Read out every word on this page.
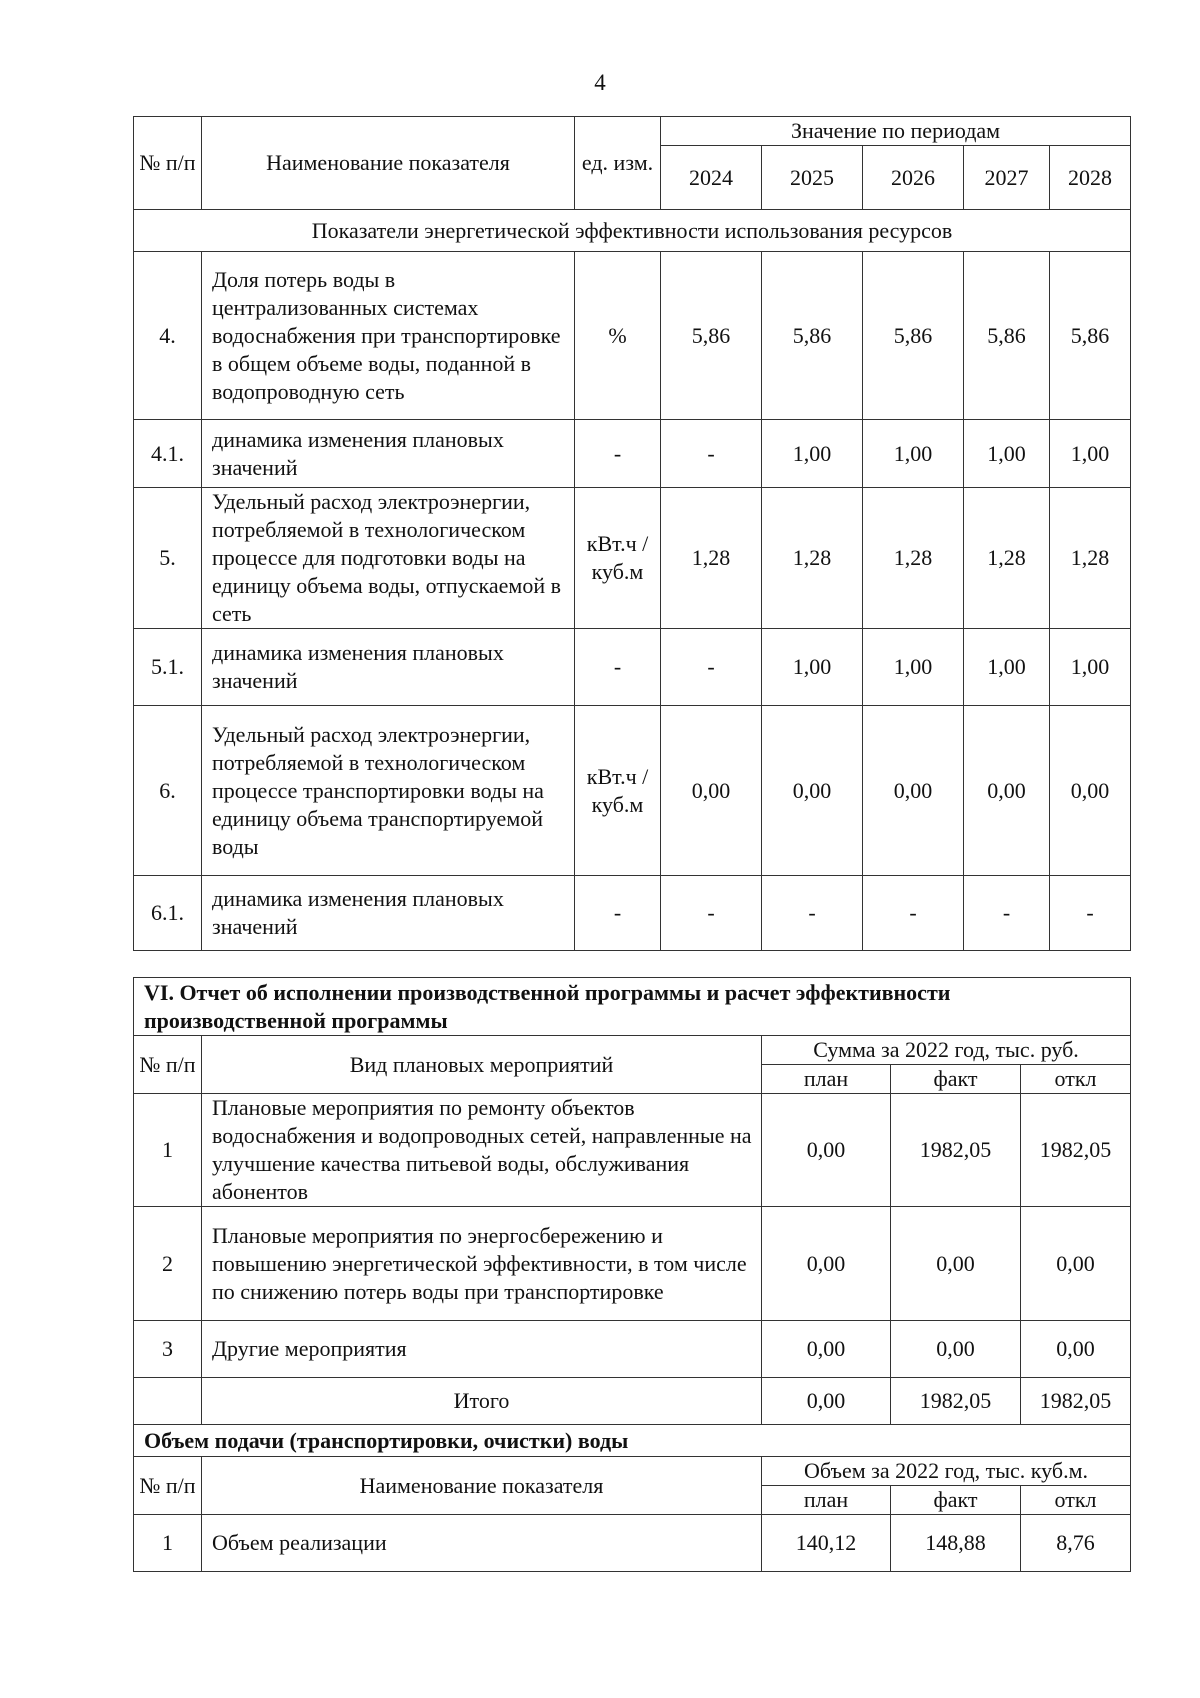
4
№ п/п	Наименование показателя	ед. изм.	Значение по периодам				
			2024	2025	2026	2027	2028
Показатели энергетической эффективности использования ресурсов							
4.	Доля потерь воды в централизованных системах водоснабжения при транспортировке в общем объеме воды, поданной в водопроводную сеть	%	5,86	5,86	5,86	5,86	5,86
4.1.	динамика изменения плановых значений	-	-	1,00	1,00	1,00	1,00
5.	Удельный расход электроэнергии, потребляемой в технологическом процессе для подготовки воды на единицу объема воды, отпускаемой в сеть	кВт.ч / куб.м	1,28	1,28	1,28	1,28	1,28
5.1.	динамика изменения плановых значений	-	-	1,00	1,00	1,00	1,00
6.	Удельный расход электроэнергии, потребляемой в технологическом процессе транспортировки воды на единицу объема транспортируемой воды	кВт.ч / куб.м	0,00	0,00	0,00	0,00	0,00
6.1.	динамика изменения плановых значений	-	-	-	-	-	-
VI. Отчет об исполнении производственной программы и расчет эффективности производственной программы				
№ п/п	Вид плановых мероприятий	Сумма за 2022 год, тыс. руб.		
		план	факт	откл
1	Плановые мероприятия по ремонту объектов водоснабжения и водопроводных сетей, направленные на улучшение качества питьевой воды, обслуживания абонентов	0,00	1982,05	1982,05
2	Плановые мероприятия по энергосбережению и повышению энергетической эффективности, в том числе по снижению потерь воды при транспортировке	0,00	0,00	0,00
3	Другие мероприятия	0,00	0,00	0,00
	Итого	0,00	1982,05	1982,05
Объем подачи (транспортировки, очистки) воды				
№ п/п	Наименование показателя	Объем за 2022 год, тыс. куб.м.		
		план	факт	откл
1	Объем реализации	140,12	148,88	8,76
